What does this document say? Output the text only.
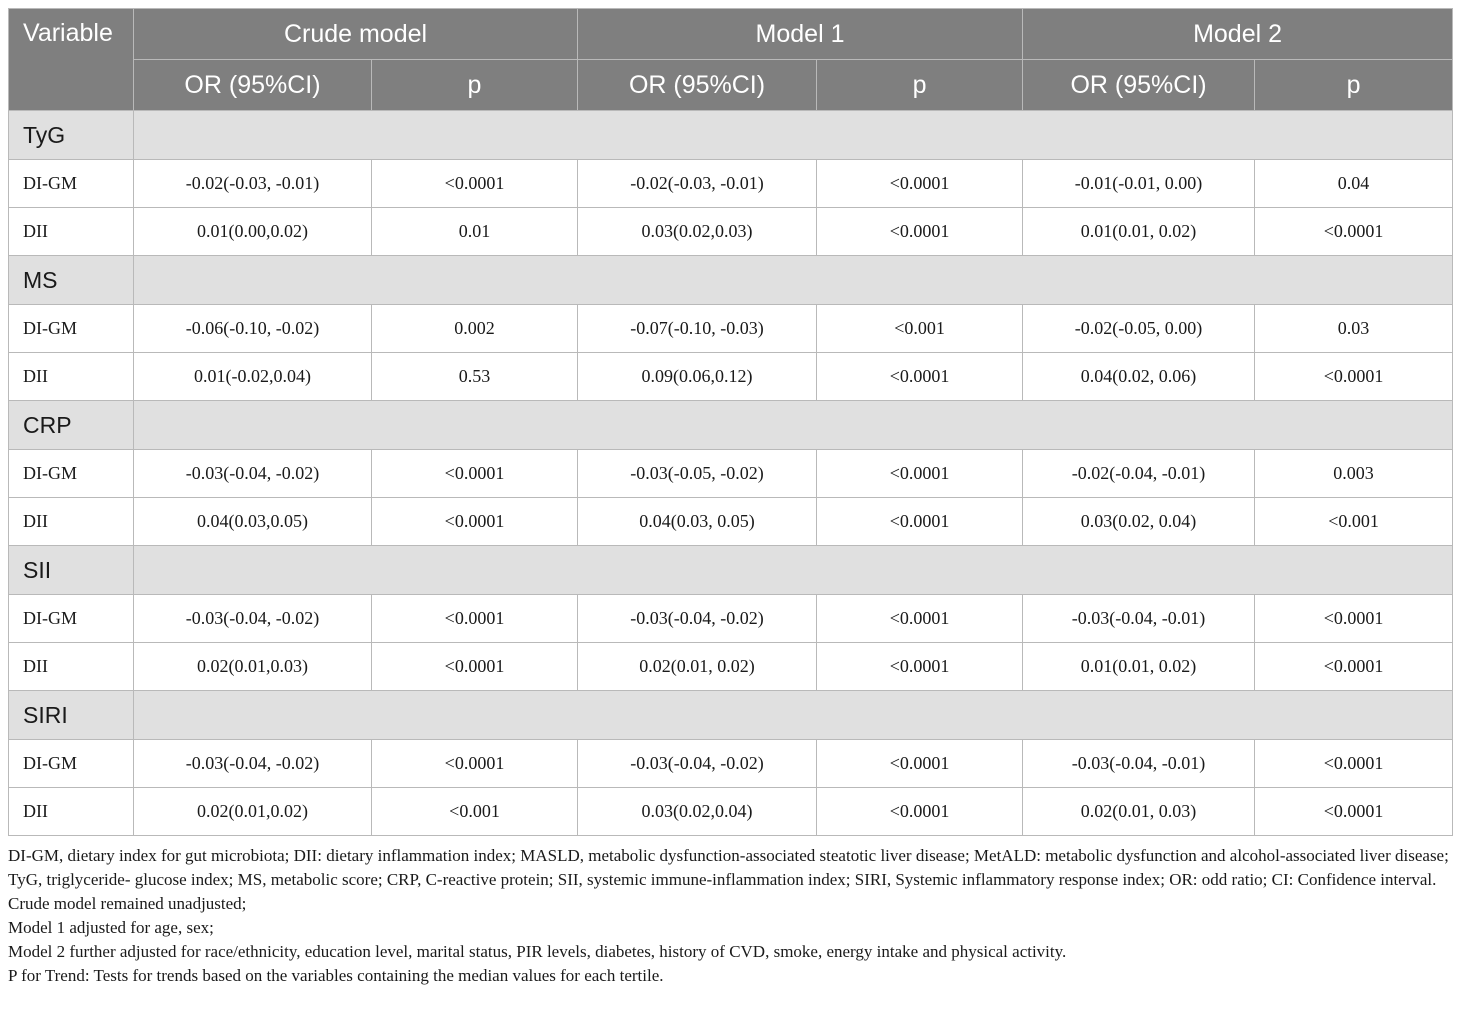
Variable	Crude model		Model 1		Model 2	
	OR (95%CI)	p	OR (95%CI)	p	OR (95%CI)	p
TyG						
DI-GM	-0.02(-0.03, -0.01)	<0.0001	-0.02(-0.03, -0.01)	<0.0001	-0.01(-0.01, 0.00)	0.04
DII	0.01(0.00,0.02)	0.01	0.03(0.02,0.03)	<0.0001	0.01(0.01, 0.02)	<0.0001
MS						
DI-GM	-0.06(-0.10, -0.02)	0.002	-0.07(-0.10, -0.03)	<0.001	-0.02(-0.05, 0.00)	0.03
DII	0.01(-0.02,0.04)	0.53	0.09(0.06,0.12)	<0.0001	0.04(0.02, 0.06)	<0.0001
CRP						
DI-GM	-0.03(-0.04, -0.02)	<0.0001	-0.03(-0.05, -0.02)	<0.0001	-0.02(-0.04, -0.01)	0.003
DII	0.04(0.03,0.05)	<0.0001	0.04(0.03, 0.05)	<0.0001	0.03(0.02, 0.04)	<0.001
SII						
DI-GM	-0.03(-0.04, -0.02)	<0.0001	-0.03(-0.04, -0.02)	<0.0001	-0.03(-0.04, -0.01)	<0.0001
DII	0.02(0.01,0.03)	<0.0001	0.02(0.01, 0.02)	<0.0001	0.01(0.01, 0.02)	<0.0001
SIRI						
DI-GM	-0.03(-0.04, -0.02)	<0.0001	-0.03(-0.04, -0.02)	<0.0001	-0.03(-0.04, -0.01)	<0.0001
DII	0.02(0.01,0.02)	<0.001	0.03(0.02,0.04)	<0.0001	0.02(0.01, 0.03)	<0.0001

DI-GM, dietary index for gut microbiota; DII: dietary inflammation index; MASLD, metabolic dysfunction-associated steatotic liver disease; MetALD: metabolic dysfunction and alcohol-associated liver disease; TyG, triglyceride- glucose index; MS, metabolic score; CRP, C-reactive protein; SII, systemic immune-inflammation index; SIRI, Systemic inflammatory response index; OR: odd ratio; CI: Confidence interval.

Crude model remained unadjusted;

Model 1 adjusted for age, sex;

Model 2 further adjusted for race/ethnicity, education level, marital status, PIR levels, diabetes, history of CVD, smoke, energy intake and physical activity.

P for Trend: Tests for trends based on the variables containing the median values for each tertile.
